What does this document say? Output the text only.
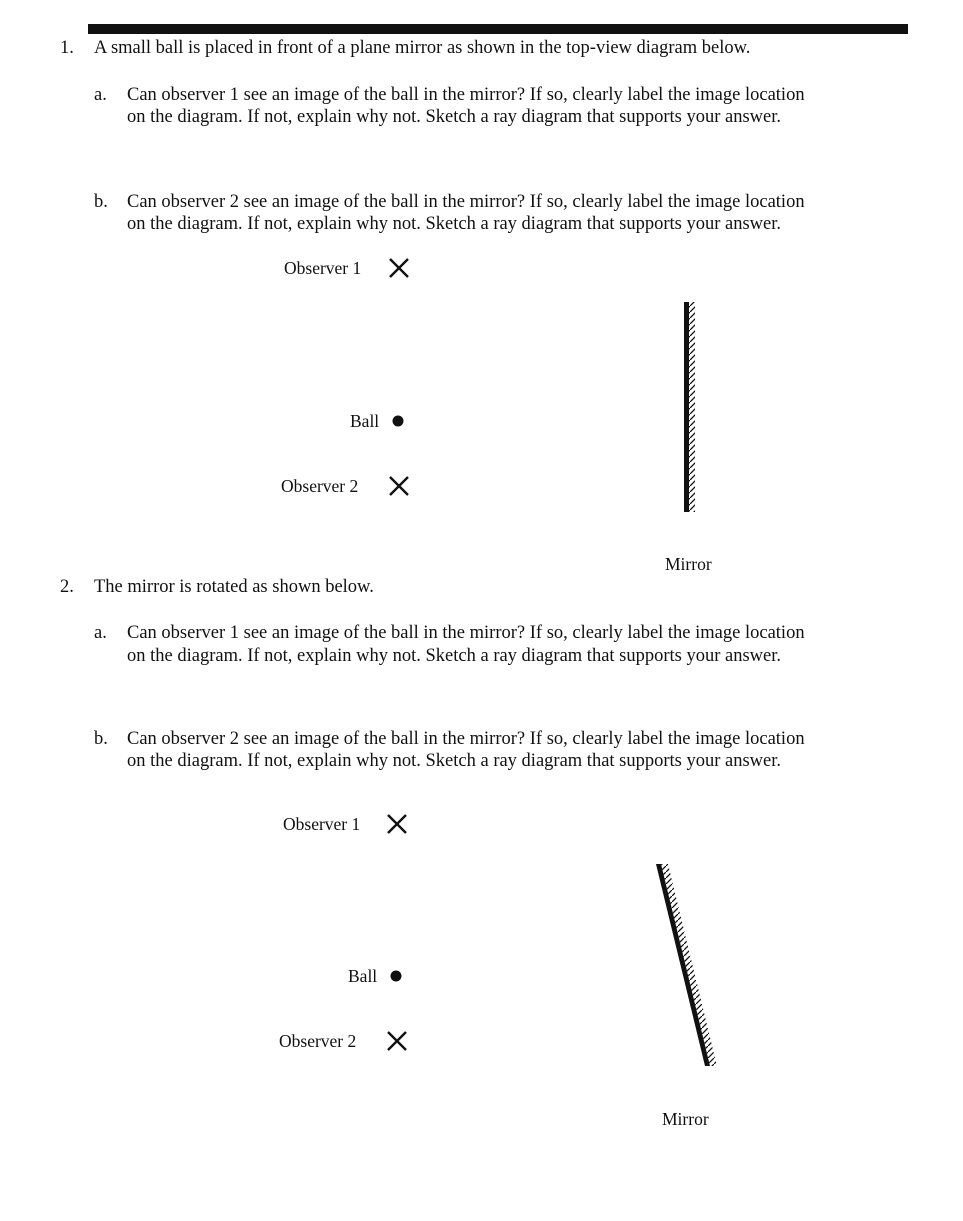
1. A small ball is placed in front of a plane mirror as shown in the top-view diagram below.
a. Can observer 1 see an image of the ball in the mirror? If so, clearly label the image location
on the diagram. If not, explain why not. Sketch a ray diagram that supports your answer.
b. Can observer 2 see an image of the ball in the mirror? If so, clearly label the image location
on the diagram. If not, explain why not. Sketch a ray diagram that supports your answer.
Observer 1
Ball
Observer 2
Mirror
2. The mirror is rotated as shown below.
a. Can observer 1 see an image of the ball in the mirror? If so, clearly label the image location
on the diagram. If not, explain why not. Sketch a ray diagram that supports your answer.
b. Can observer 2 see an image of the ball in the mirror? If so, clearly label the image location
on the diagram. If not, explain why not. Sketch a ray diagram that supports your answer.
Observer 1
Ball
Observer 2
Mirror
